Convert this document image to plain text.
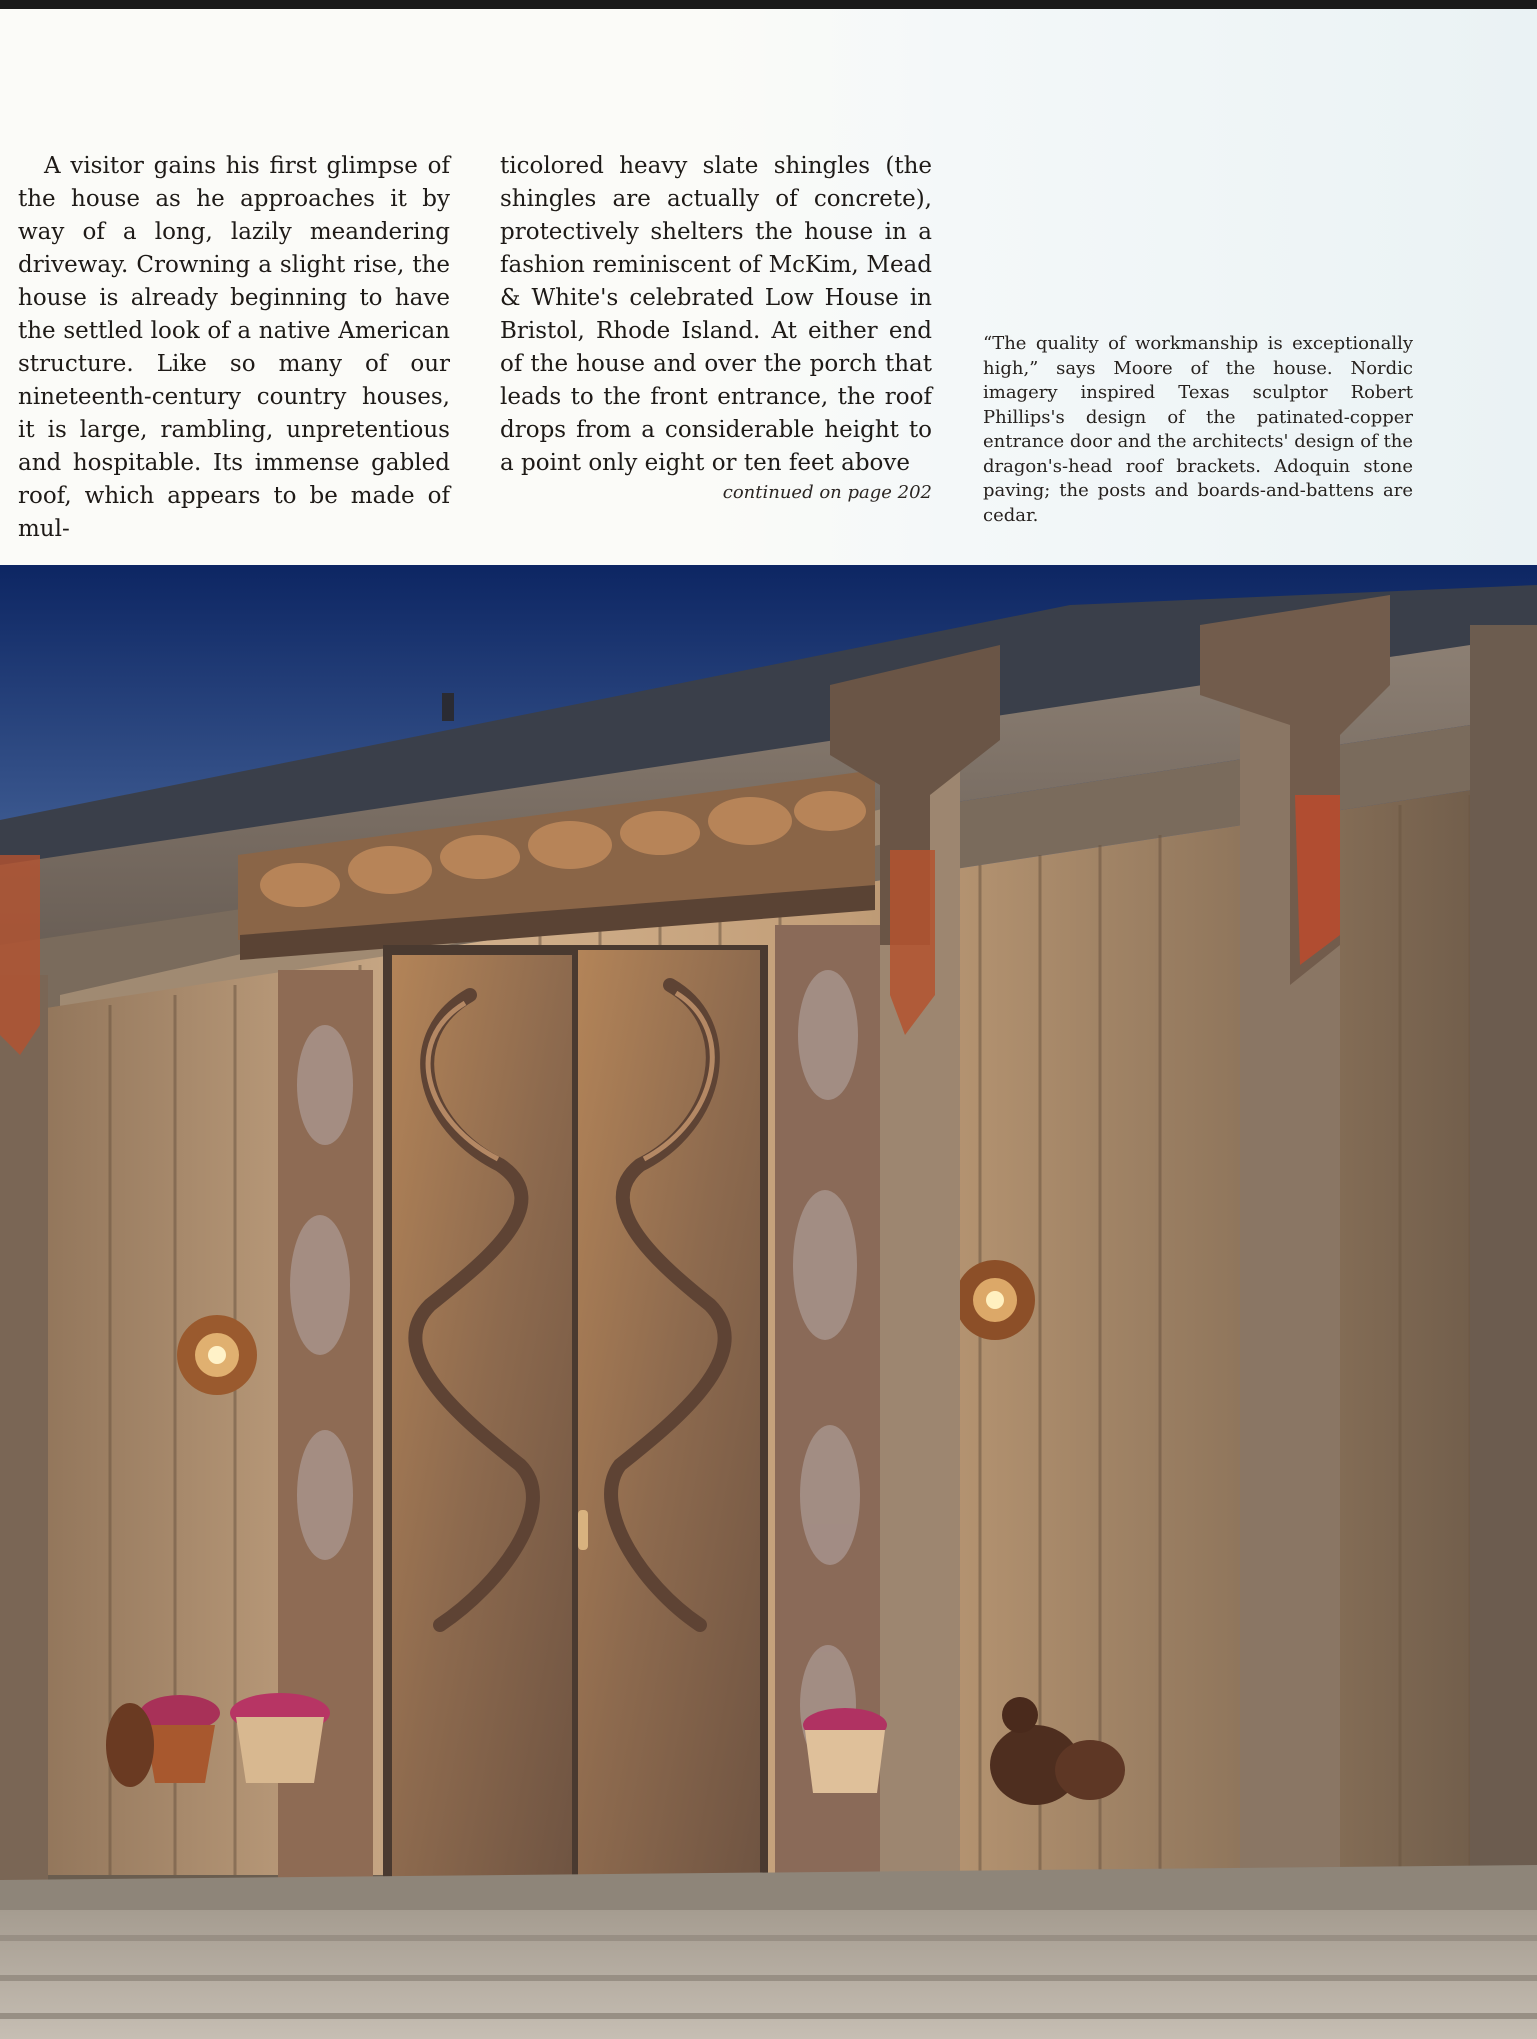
A visitor gains his first glimpse of the house as he approaches it by way of a long, lazily meandering driveway. Crowning a slight rise, the house is already beginning to have the settled look of a native American structure. Like so many of our nineteenth-century country houses, it is large, rambling, unpretentious and hospitable. Its immense gabled roof, which appears to be made of mul-

ticolored heavy slate shingles (the shingles are actually of concrete), protectively shelters the house in a fashion reminiscent of McKim, Mead & White's celebrated Low House in Bristol, Rhode Island. At either end of the house and over the porch that leads to the front entrance, the roof drops from a considerable height to a point only eight or ten feet above

continued on page 202

“The quality of workmanship is exceptionally high,” says Moore of the house. Nordic imagery inspired Texas sculptor Robert Phillips's design of the patinated-copper entrance door and the architects' design of the dragon's-head roof brackets. Adoquin stone paving; the posts and boards-and-battens are cedar.
